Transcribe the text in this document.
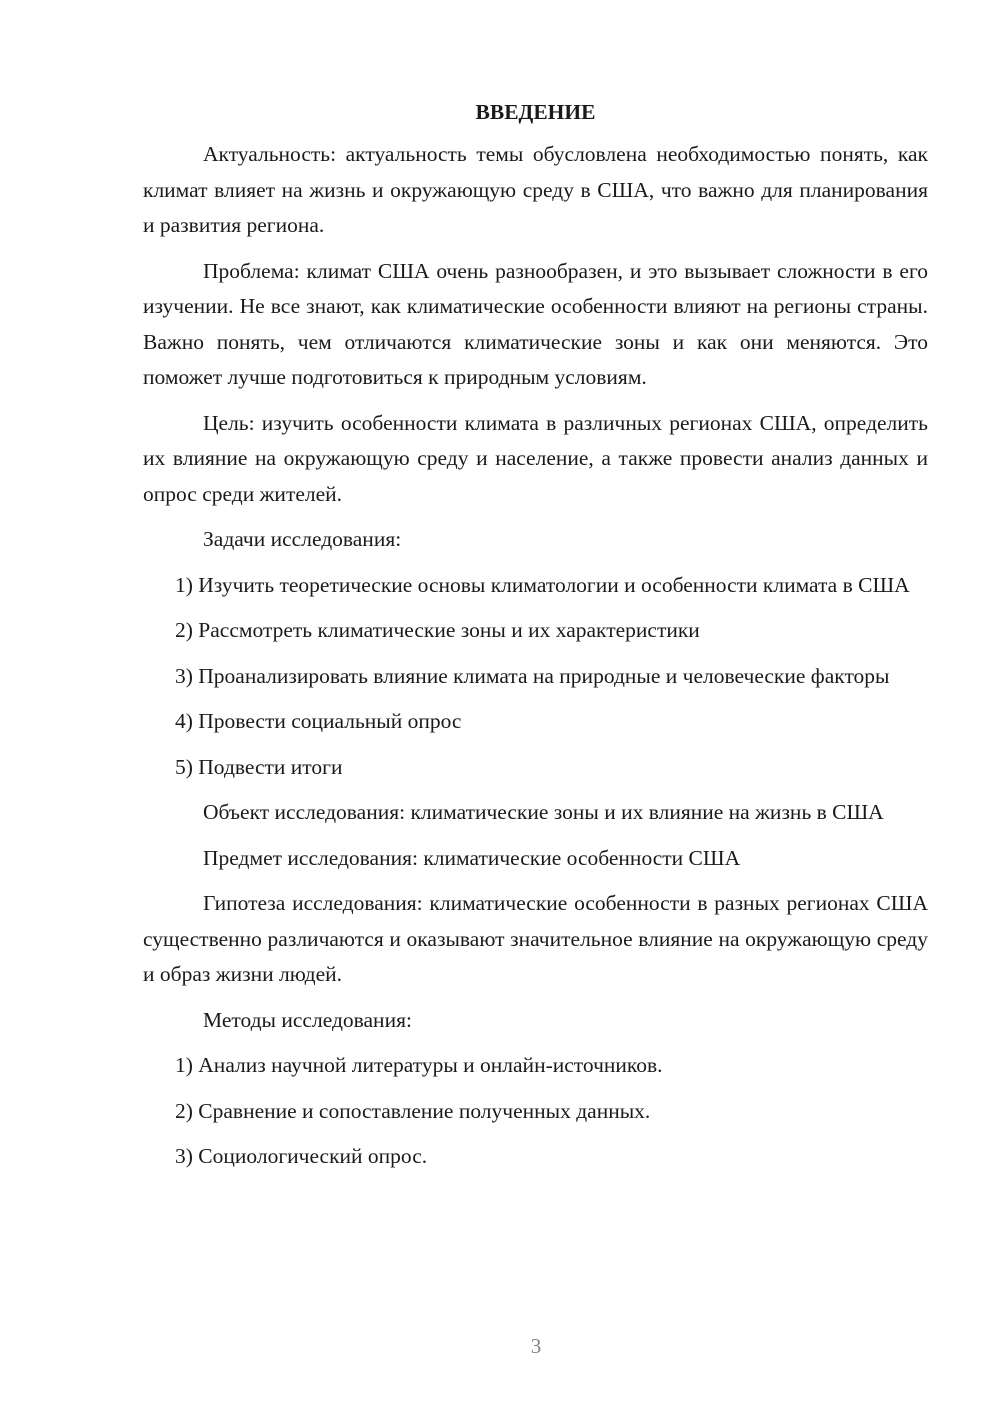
ВВЕДЕНИЕ

Актуальность: актуальность темы обусловлена необходимостью понять, как климат влияет на жизнь и окружающую среду в США, что важно для планирования и развития региона.

Проблема: климат США очень разнообразен, и это вызывает сложности в его изучении. Не все знают, как климатические особенности влияют на регионы страны. Важно понять, чем отличаются климатические зоны и как они меняются. Это поможет лучше подготовиться к природным условиям.

Цель: изучить особенности климата в различных регионах США, определить их влияние на окружающую среду и население, а также провести анализ данных и опрос среди жителей.

Задачи исследования:

1) Изучить теоретические основы климатологии и особенности климата в США

2) Рассмотреть климатические зоны и их характеристики

3) Проанализировать влияние климата на природные и человеческие факторы

4) Провести социальный опрос

5) Подвести итоги

Объект исследования: климатические зоны и их влияние на жизнь в США

Предмет исследования: климатические особенности США

Гипотеза исследования: климатические особенности в разных регионах США существенно различаются и оказывают значительное влияние на окружающую среду и образ жизни людей.

Методы исследования:

1) Анализ научной литературы и онлайн-источников.

2) Сравнение и сопоставление полученных данных.

3) Социологический опрос.

3
